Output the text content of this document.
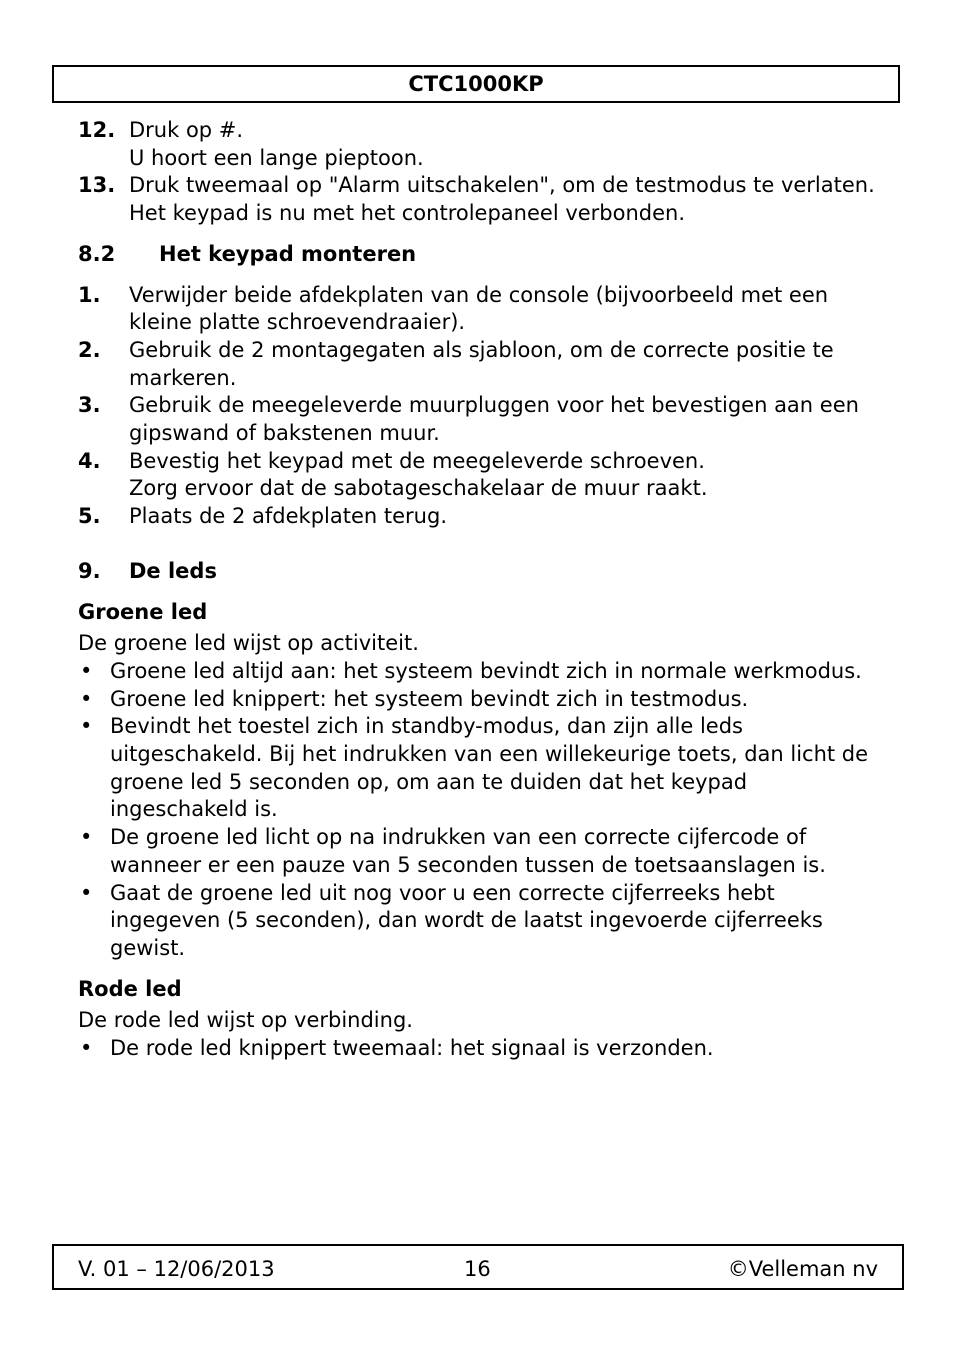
CTC1000KP
12. Druk op #.
U hoort een lange pieptoon.
13. Druk tweemaal op "Alarm uitschakelen", om de testmodus te verlaten.
Het keypad is nu met het controlepaneel verbonden.
8.2	Het keypad monteren
1.	Verwijder beide afdekplaten van de console (bijvoorbeeld met een kleine platte schroevendraaier).
2.	Gebruik de 2 montagegaten als sjabloon, om de correcte positie te markeren.
3.	Gebruik de meegeleverde muurpluggen voor het bevestigen aan een gipswand of bakstenen muur.
4.	Bevestig het keypad met de meegeleverde schroeven.
Zorg ervoor dat de sabotageschakelaar de muur raakt.
5.	Plaats de 2 afdekplaten terug.
9.	De leds
Groene led
De groene led wijst op activiteit.
• Groene led altijd aan: het systeem bevindt zich in normale werkmodus.
• Groene led knippert: het systeem bevindt zich in testmodus.
• Bevindt het toestel zich in standby-modus, dan zijn alle leds uitgeschakeld. Bij het indrukken van een willekeurige toets, dan licht de groene led 5 seconden op, om aan te duiden dat het keypad ingeschakeld is.
• De groene led licht op na indrukken van een correcte cijfercode of wanneer er een pauze van 5 seconden tussen de toetsaanslagen is.
• Gaat de groene led uit nog voor u een correcte cijferreeks hebt ingegeven (5 seconden), dan wordt de laatst ingevoerde cijferreeks gewist.
Rode led
De rode led wijst op verbinding.
• De rode led knippert tweemaal: het signaal is verzonden.
V. 01 – 12/06/2013	16	©Velleman nv
